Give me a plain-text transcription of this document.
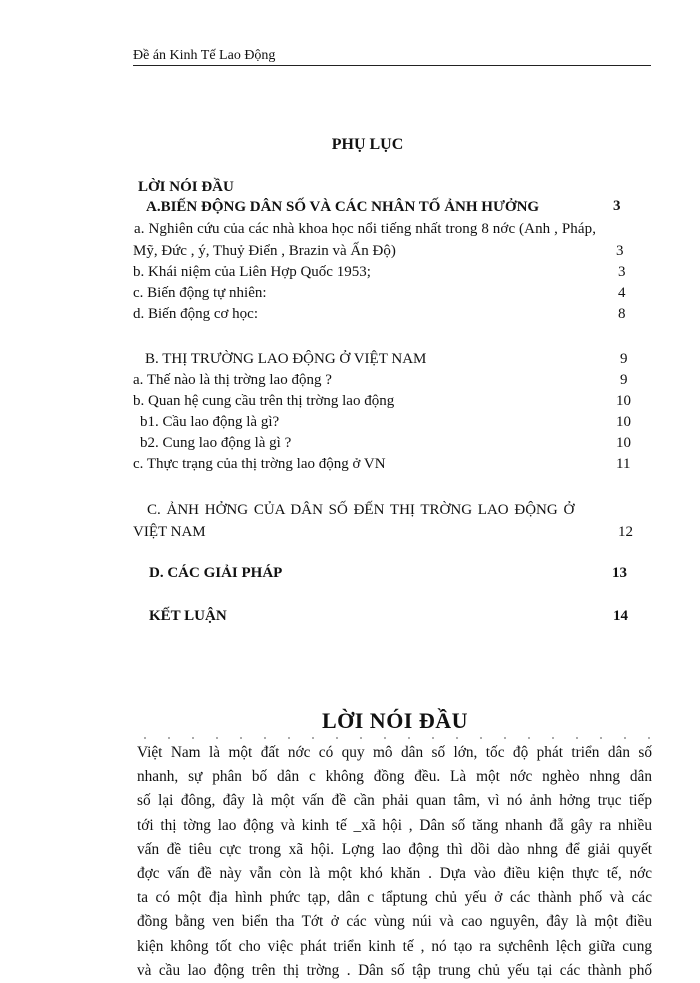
Đề án Kinh Tế Lao Động
PHỤ LỤC
LỜI NÓI ĐẦU
A.BIẾN ĐỘNG DÂN SỐ VÀ CÁC NHÂN TỐ ẢNH HƯỞNG	3
a. Nghiên cứu của các nhà khoa học nổi tiếng nhất trong 8 nớc (Anh , Pháp,
Mỹ, Đức , ý, Thuỷ Điển , Brazin và Ấn Độ)	3
b. Khái niệm của Liên Hợp Quốc 1953;	3
c. Biến động tự nhiên:	4
d. Biến động cơ học:	8
B. THỊ TRƯỜNG LAO ĐỘNG Ở VIỆT NAM	9
a. Thế nào là thị trờng lao động ?	9
b. Quan hệ cung cầu trên thị trờng lao động	10
b1. Cầu lao động là gì?	10
b2. Cung lao động là gì ?	10
c. Thực trạng của thị trờng lao động ở VN	11
C. ẢNH HỞNG CỦA DÂN SỐ ĐẾN THỊ TRỜNG LAO ĐỘNG Ở
VIỆT NAM	12
D. CÁC GIẢI PHÁP	13
KẾT LUẬN	14
LỜI NÓI ĐẦU

Việt Nam là một đất nớc có quy mô dân số lớn, tốc độ phát triển dân số

nhanh, sự phân bố dân c không đồng đều. Là một nớc nghèo nhng dân

số lại đông, đây là một vấn đề cần phải quan tâm, vì nó ảnh hởng trục tiếp

tới thị tờng lao động và kinh tế _xã hội , Dân số tăng nhanh đẵ gây ra nhiều

vấn đề tiêu cực trong xã hội. Lợng lao động thì dồi dào nhng để giải quyết

đợc vấn đề này vẫn còn là một khó khăn . Dựa vào điều kiện thực tế, nớc

ta có một địa hình phức tạp, dân c tẩptung chủ yếu ở các thành phố và các

đồng bằng ven biển tha Tớt ở các vùng núi và cao nguyên, đây là một điều

kiện không tốt cho việc phát triển kinh tế , nó tạo ra sựchênh lệch giữa cung

và cầu lao động trên thị trờng . Dân số tập trung chủ yếu tại các thành phố
